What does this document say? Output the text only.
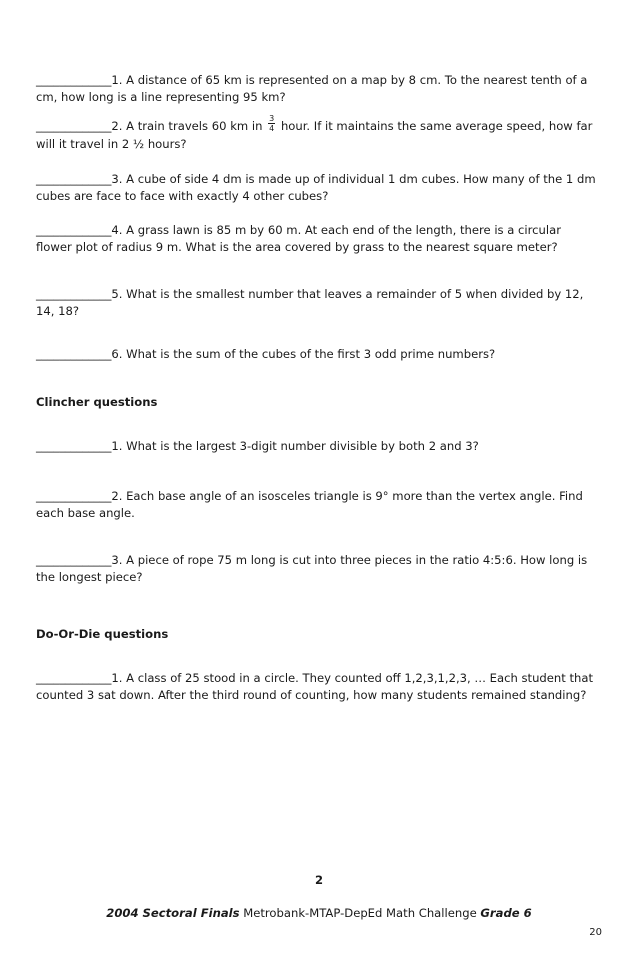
_____________1. A distance of 65 km is represented on a map by 8 cm. To the nearest tenth of a cm, how long is a line representing 95 km?
_____________2. A train travels 60 km in $\frac{3}{4}$ hour. If it maintains the same average speed, how far will it travel in 2 ½ hours?
_____________3. A cube of side 4 dm is made up of individual 1 dm cubes. How many of the 1 dm cubes are face to face with exactly 4 other cubes?
_____________4. A grass lawn is 85 m by 60 m. At each end of the length, there is a circular flower plot of radius 9 m. What is the area covered by grass to the nearest square meter?
_____________5. What is the smallest number that leaves a remainder of 5 when divided by 12, 14, 18?
_____________6. What is the sum of the cubes of the first 3 odd prime numbers?
Clincher questions
_____________1. What is the largest 3-digit number divisible by both 2 and 3?
_____________2. Each base angle of an isosceles triangle is 9° more than the vertex angle. Find each base angle.
_____________3. A piece of rope 75 m long is cut into three pieces in the ratio 4:5:6. How long is the longest piece?
Do-Or-Die questions
_____________1. A class of 25 stood in a circle. They counted off 1,2,3,1,2,3, … Each student that counted 3 sat down. After the third round of counting, how many students remained standing?
2
2004 Sectoral Finals Metrobank-MTAP-DepEd Math Challenge Grade 6
20
